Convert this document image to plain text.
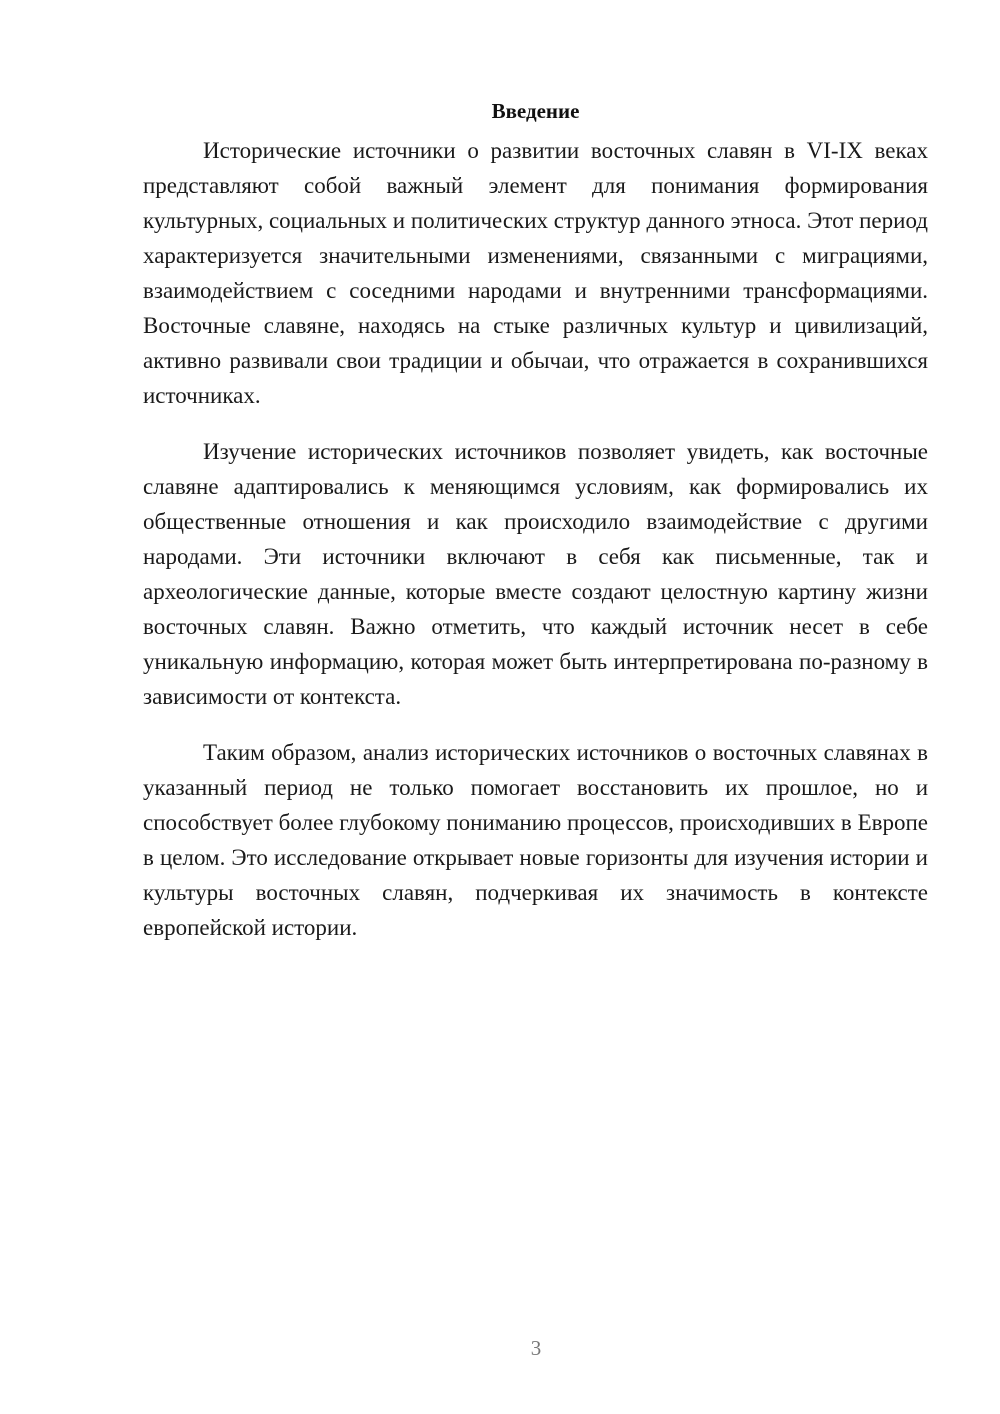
Введение

Исторические источники о развитии восточных славян в VI-IX веках представляют собой важный элемент для понимания формирования культурных, социальных и политических структур данного этноса. Этот период характеризуется значительными изменениями, связанными с миграциями, взаимодействием с соседними народами и внутренними трансформациями. Восточные славяне, находясь на стыке различных культур и цивилизаций, активно развивали свои традиции и обычаи, что отражается в сохранившихся источниках.

Изучение исторических источников позволяет увидеть, как восточные славяне адаптировались к меняющимся условиям, как формировались их общественные отношения и как происходило взаимодействие с другими народами. Эти источники включают в себя как письменные, так и археологические данные, которые вместе создают целостную картину жизни восточных славян. Важно отметить, что каждый источник несет в себе уникальную информацию, которая может быть интерпретирована по-разному в зависимости от контекста.

Таким образом, анализ исторических источников о восточных славянах в указанный период не только помогает восстановить их прошлое, но и способствует более глубокому пониманию процессов, происходивших в Европе в целом. Это исследование открывает новые горизонты для изучения истории и культуры восточных славян, подчеркивая их значимость в контексте европейской истории.

3
